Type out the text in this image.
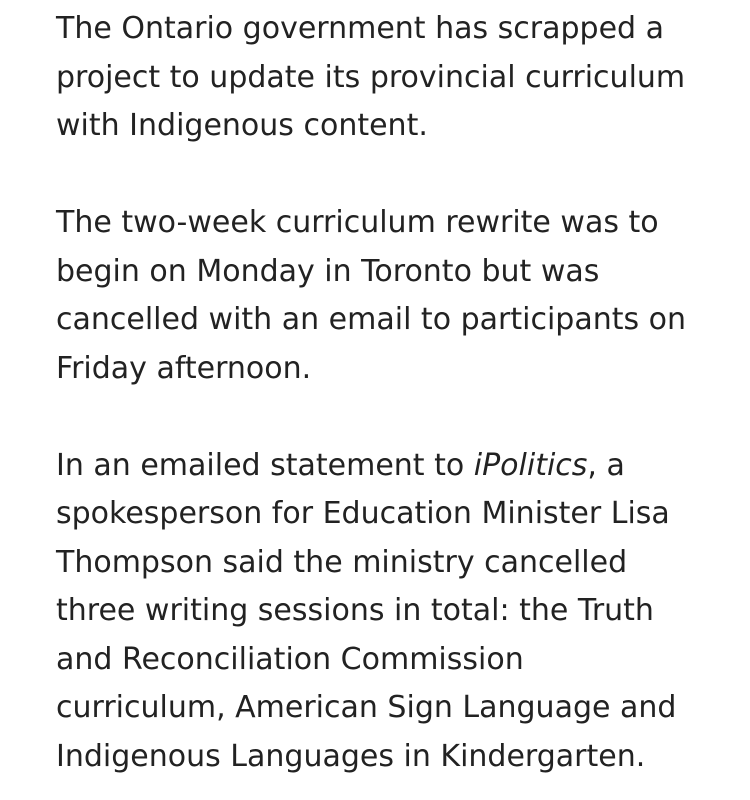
The Ontario government has scrapped a
project to update its provincial curriculum
with Indigenous content.

The two-week curriculum rewrite was to
begin on Monday in Toronto but was
cancelled with an email to participants on
Friday afternoon.

In an emailed statement to iPolitics, a
spokesperson for Education Minister Lisa
Thompson said the ministry cancelled
three writing sessions in total: the Truth
and Reconciliation Commission
curriculum, American Sign Language and
Indigenous Languages in Kindergarten.
